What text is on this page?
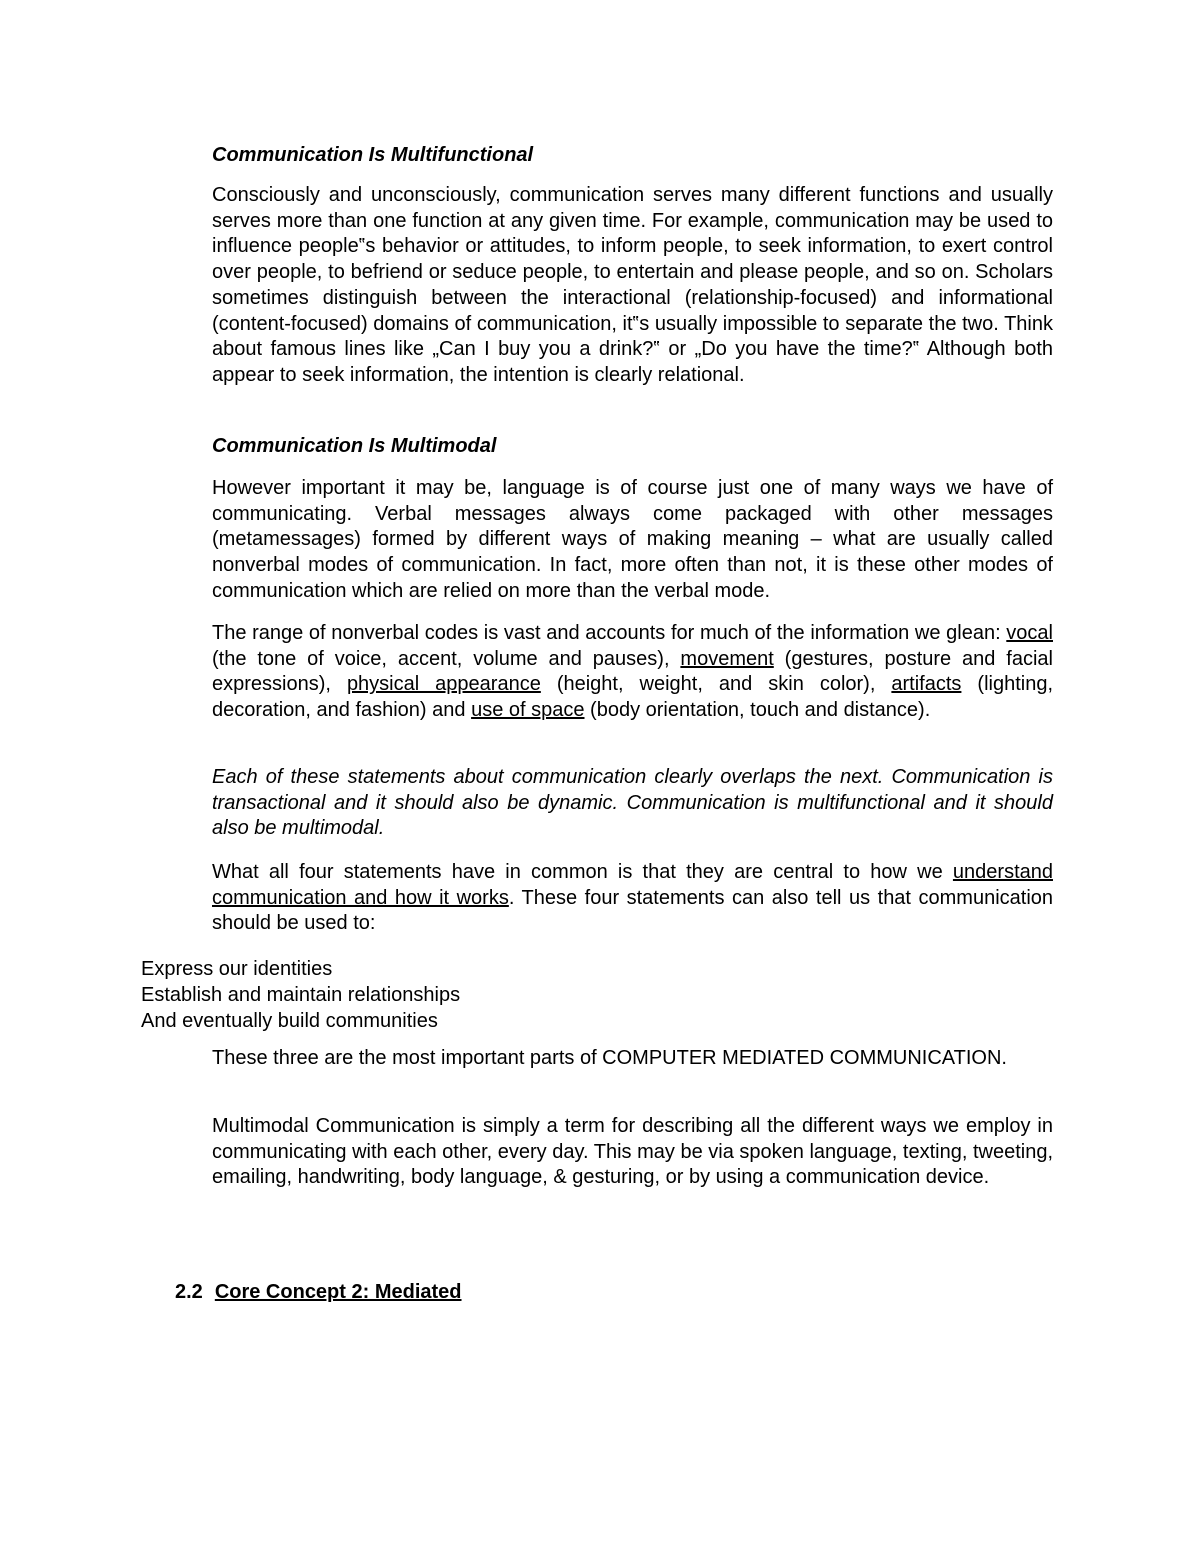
Communication Is Multifunctional

Consciously and unconsciously, communication serves many different functions and usually serves more than one function at any given time. For example, communication may be used to influence people‟s behavior or attitudes, to inform people, to seek information, to exert control over people, to befriend or seduce people, to entertain and please people, and so on. Scholars sometimes distinguish between the interactional (relationship-focused) and informational (content-focused) domains of communication, it‟s usually impossible to separate the two. Think about famous lines like „Can I buy you a drink?‟ or „Do you have the time?‟ Although both appear to seek information, the intention is clearly relational.

Communication Is Multimodal

However important it may be, language is of course just one of many ways we have of communicating. Verbal messages always come packaged with other messages (metamessages) formed by different ways of making meaning – what are usually called nonverbal modes of communication. In fact, more often than not, it is these other modes of communication which are relied on more than the verbal mode.

The range of nonverbal codes is vast and accounts for much of the information we glean: vocal (the tone of voice, accent, volume and pauses), movement (gestures, posture and facial expressions), physical appearance (height, weight, and skin color), artifacts (lighting, decoration, and fashion) and use of space (body orientation, touch and distance).

Each of these statements about communication clearly overlaps the next. Communication is transactional and it should also be dynamic. Communication is multifunctional and it should also be multimodal.

What all four statements have in common is that they are central to how we understand communication and how it works. These four statements can also tell us that communication should be used to:

Express our identities
Establish and maintain relationships
And eventually build communities

These three are the most important parts of COMPUTER MEDIATED COMMUNICATION.

Multimodal Communication is simply a term for describing all the different ways we employ in communicating with each other, every day. This may be via spoken language, texting, tweeting, emailing, handwriting, body language, & gesturing, or by using a communication device.

2.2 Core Concept 2: Mediated
